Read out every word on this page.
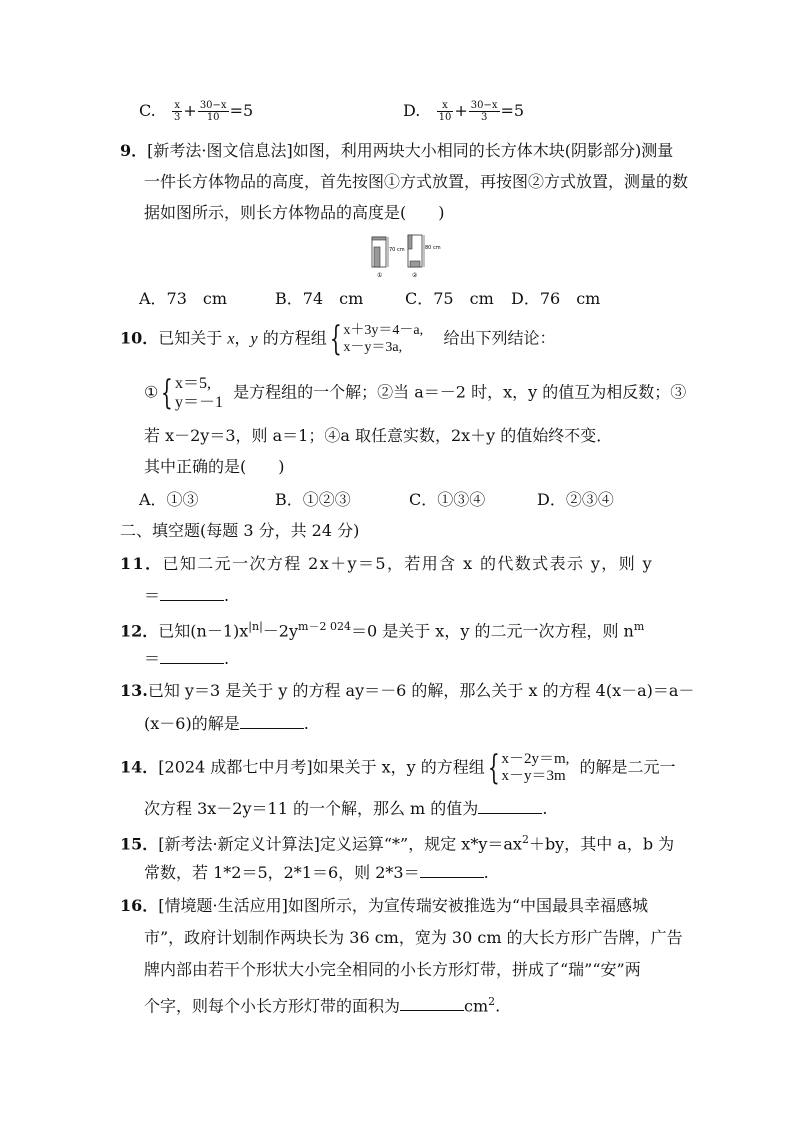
C. $\frac{x}{3} + \frac{30-x}{10} =5$	D. $\frac{x}{10} + \frac{30-x}{3} =5$
9．[新考法·图文信息法]如图，利用两块大小相同的长方体木块(阴影部分)测量
一件长方体物品的高度，首先按图①方式放置，再按图②方式放置，测量的数
据如图所示，则长方体物品的高度是(　　)
70 cm
①
80 cm
②
A．73　cm	B．74　cm	C．75　cm D．76　cm
10．已知关于 x，y 的方程组{ x＋3y＝4－a,
x－y＝3a,	给出下列结论：
①{ x＝5,
y＝－1
是方程组的一个解；②当 a＝－2 时，x，y 的值互为相反数；③
若 x－2y＝3，则 a＝1；④a 取任意实数，2x＋y 的值始终不变．
其中正确的是(　　)
A．①③	B．①②③	C．①③④	D．②③④
二、填空题(每题 3 分，共 24 分)
11．已知二元一次方程 2x＋y＝5，若用含 x 的代数式表示 y，则 y
＝	.
12．已知$(n-1)x^{|n|}-2y^{m-2 024}=0$ 是关于 x，y 的二元一次方程，则 $n^m$
＝	.
13.已知 y＝3 是关于 y 的方程 ay＝－6 的解，那么关于 x 的方程 4(x－a)＝a－
(x－6)的解是	.
14．[2024 成都七中月考]如果关于 x，y 的方程组{ x－2y＝m,
x－y＝3m 的解是二元一
次方程 3x－2y＝11 的一个解，那么 m 的值为	.
15．[新考法·新定义计算法]定义运算“*”，规定 $x*y=ax^2+by$，其中 a，b 为
常数，若 1*2＝5，2*1＝6，则 2*3＝	.
16．[情境题·生活应用]如图所示，为宣传瑞安被推选为“中国最具幸福感城
市”，政府计划制作两块长为 36 cm，宽为 30 cm 的大长方形广告牌，广告
牌内部由若干个形状大小完全相同的小长方形灯带，拼成了“瑞”“安”两
个字，则每个小长方形灯带的面积为	$cm^2$.
